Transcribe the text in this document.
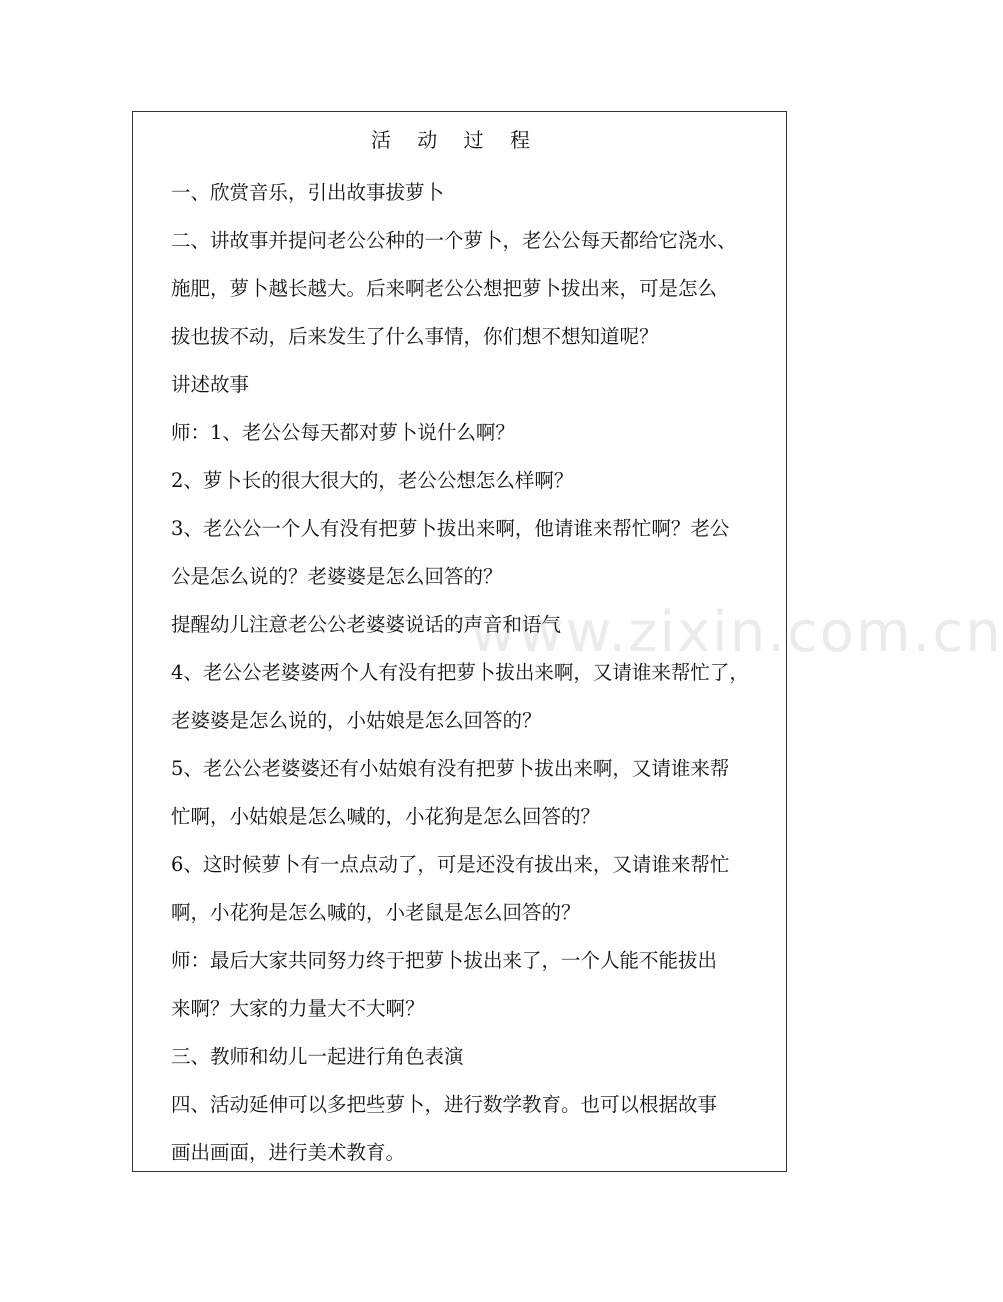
活 动 过 程
一、欣赏音乐，引出故事拔萝卜
二、讲故事并提问老公公种的一个萝卜，老公公每天都给它浇水、
施肥，萝卜越长越大。后来啊老公公想把萝卜拔出来，可是怎么
拔也拔不动，后来发生了什么事情，你们想不想知道呢？
讲述故事
师：1、老公公每天都对萝卜说什么啊？
2、萝卜长的很大很大的，老公公想怎么样啊？
3、老公公一个人有没有把萝卜拔出来啊，他请谁来帮忙啊？老公
公是怎么说的？老婆婆是怎么回答的？
提醒幼儿注意老公公老婆婆说话的声音和语气
4、老公公老婆婆两个人有没有把萝卜拔出来啊，又请谁来帮忙了，
老婆婆是怎么说的，小姑娘是怎么回答的？
5、老公公老婆婆还有小姑娘有没有把萝卜拔出来啊，又请谁来帮
忙啊，小姑娘是怎么喊的，小花狗是怎么回答的？
6、这时候萝卜有一点点动了，可是还没有拔出来，又请谁来帮忙
啊，小花狗是怎么喊的，小老鼠是怎么回答的？
师：最后大家共同努力终于把萝卜拔出来了，一个人能不能拔出
来啊？大家的力量大不大啊？
三、教师和幼儿一起进行角色表演
四、活动延伸可以多把些萝卜，进行数学教育。也可以根据故事
画出画面，进行美术教育。
www.zixin.com.cn
